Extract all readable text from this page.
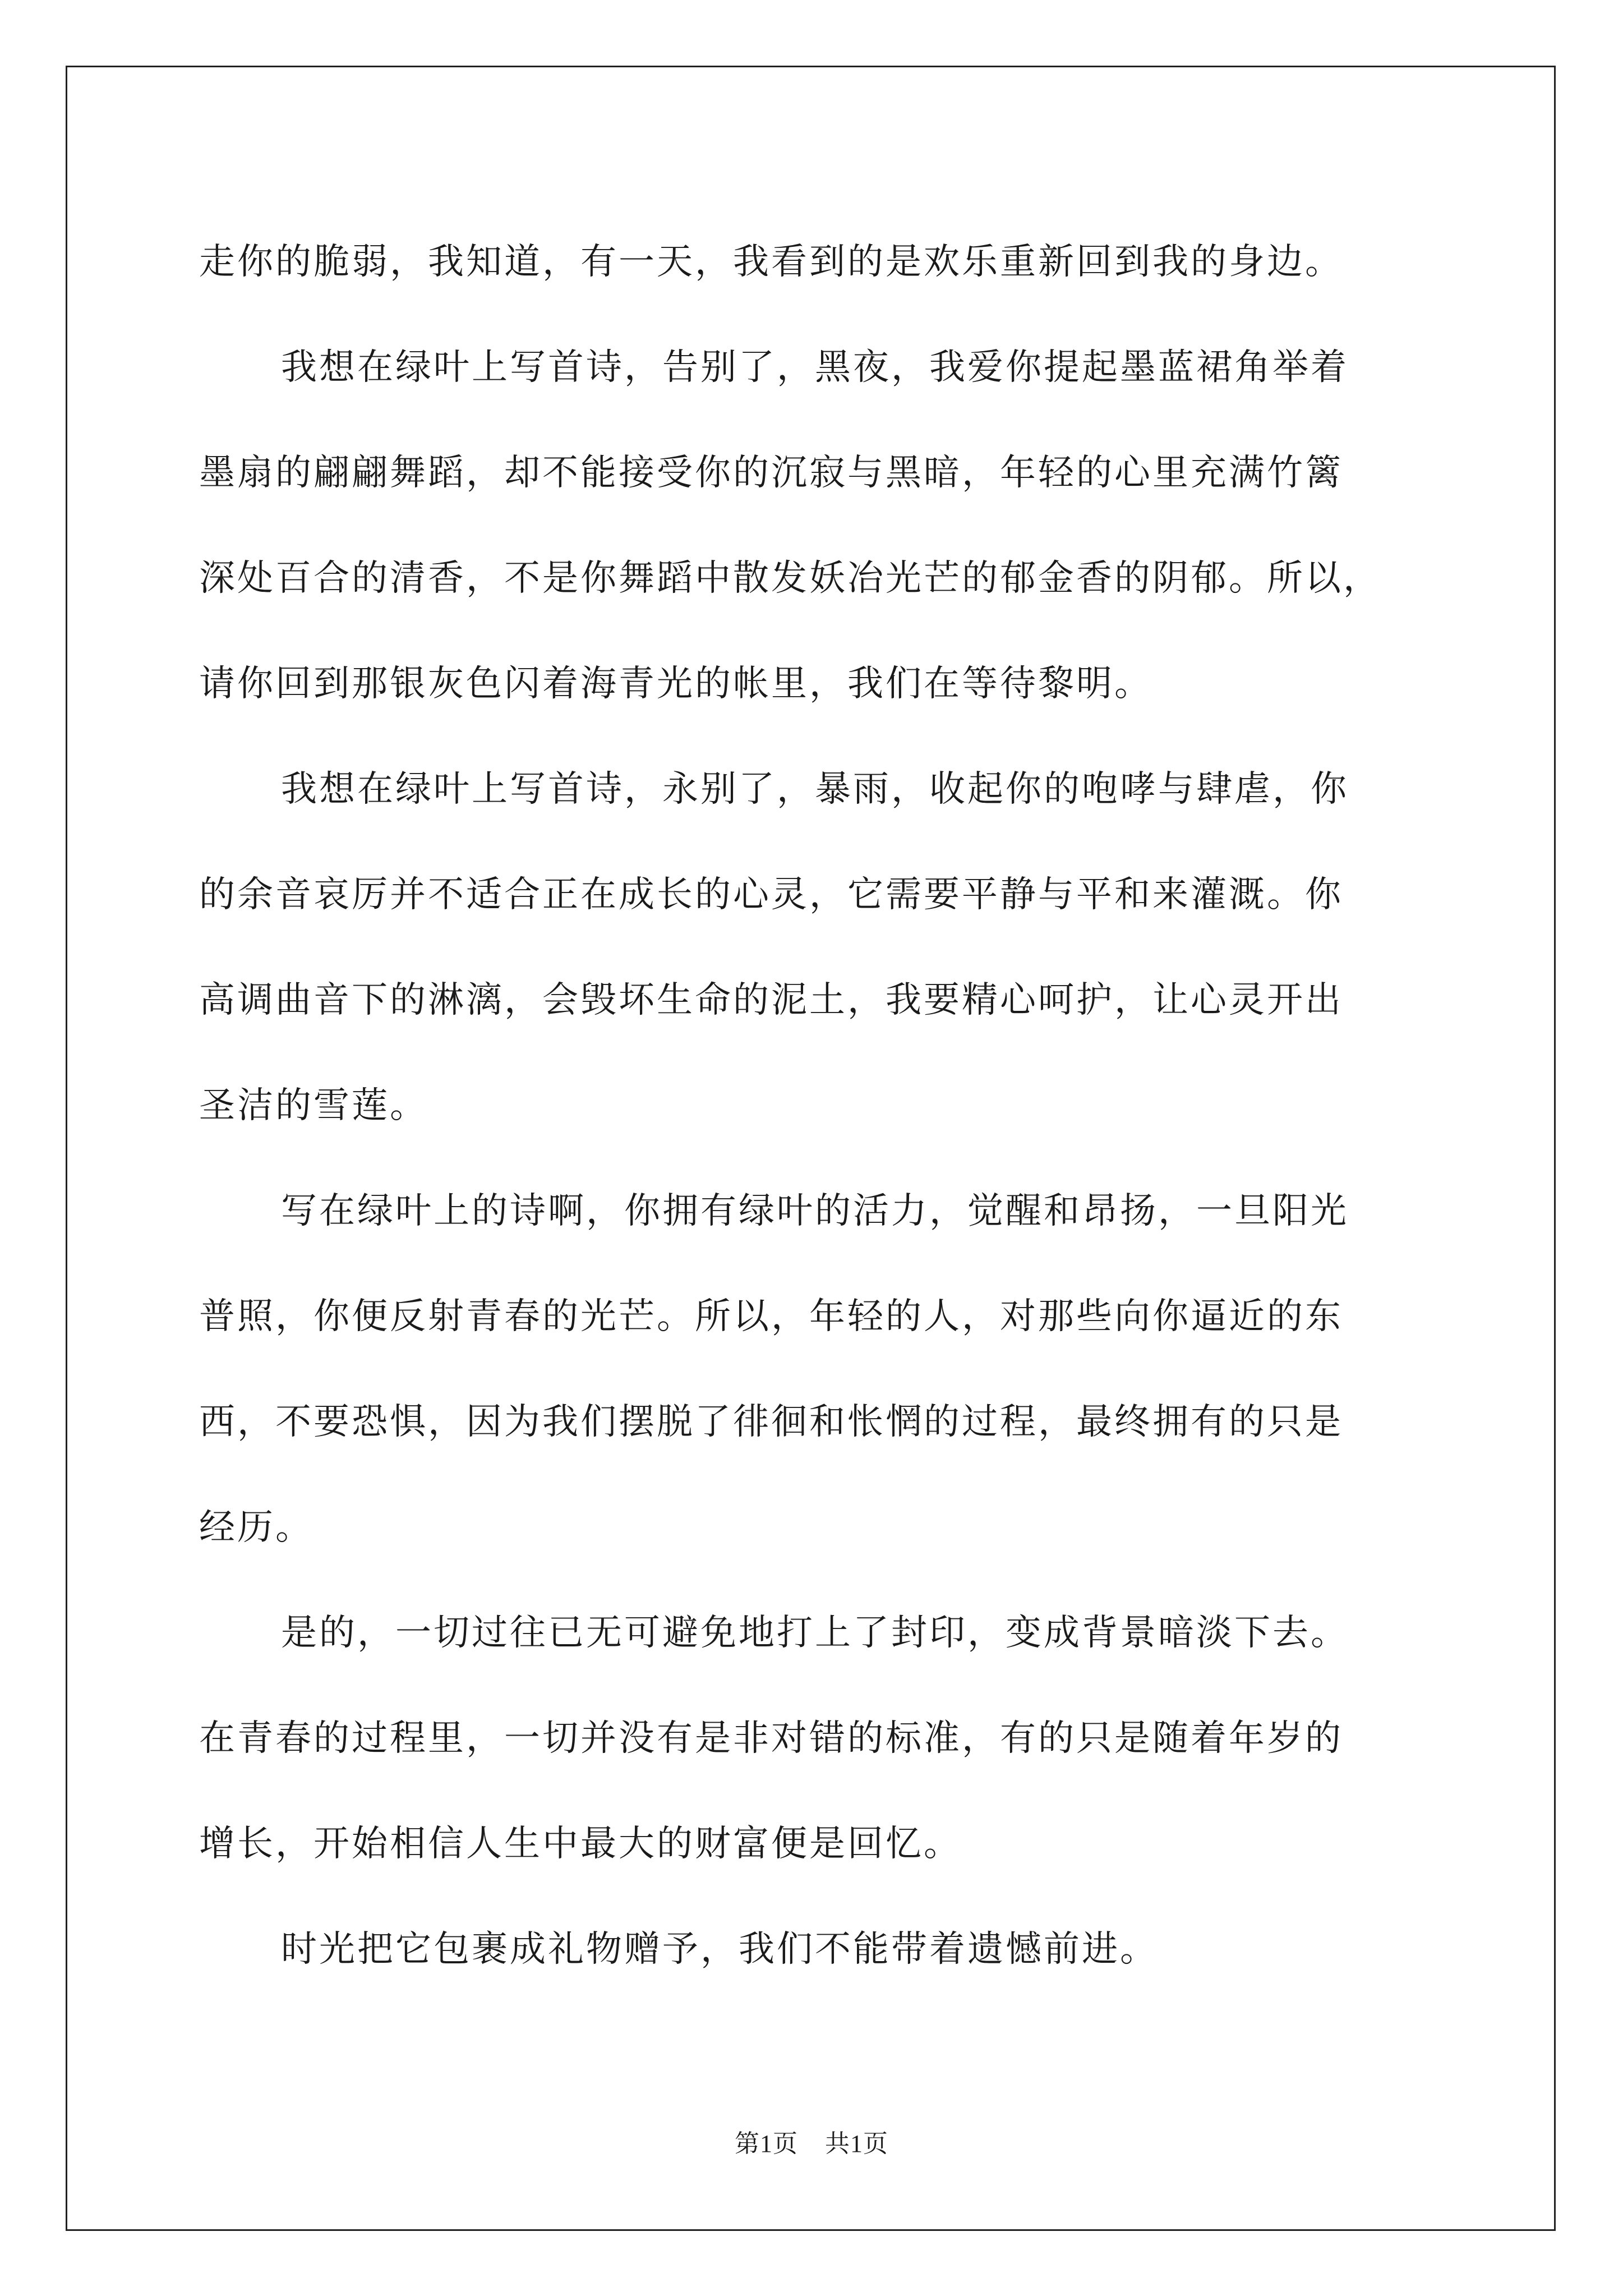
走你的脆弱，我知道，有一天，我看到的是欢乐重新回到我的身边。
我想在绿叶上写首诗，告别了，黑夜，我爱你提起墨蓝裙角举着
墨扇的翩翩舞蹈，却不能接受你的沉寂与黑暗，年轻的心里充满竹篱
深处百合的清香，不是你舞蹈中散发妖冶光芒的郁金香的阴郁。所以，
请你回到那银灰色闪着海青光的帐里，我们在等待黎明。
我想在绿叶上写首诗，永别了，暴雨，收起你的咆哮与肆虐，你
的余音哀厉并不适合正在成长的心灵，它需要平静与平和来灌溉。你
高调曲音下的淋漓，会毁坏生命的泥土，我要精心呵护，让心灵开出
圣洁的雪莲。
写在绿叶上的诗啊，你拥有绿叶的活力，觉醒和昂扬，一旦阳光
普照，你便反射青春的光芒。所以，年轻的人，对那些向你逼近的东
西，不要恐惧，因为我们摆脱了徘徊和怅惘的过程，最终拥有的只是
经历。
是的，一切过往已无可避免地打上了封印，变成背景暗淡下去。
在青春的过程里，一切并没有是非对错的标准，有的只是随着年岁的
增长，开始相信人生中最大的财富便是回忆。
时光把它包裹成礼物赠予，我们不能带着遗憾前进。
第1页 共1页
